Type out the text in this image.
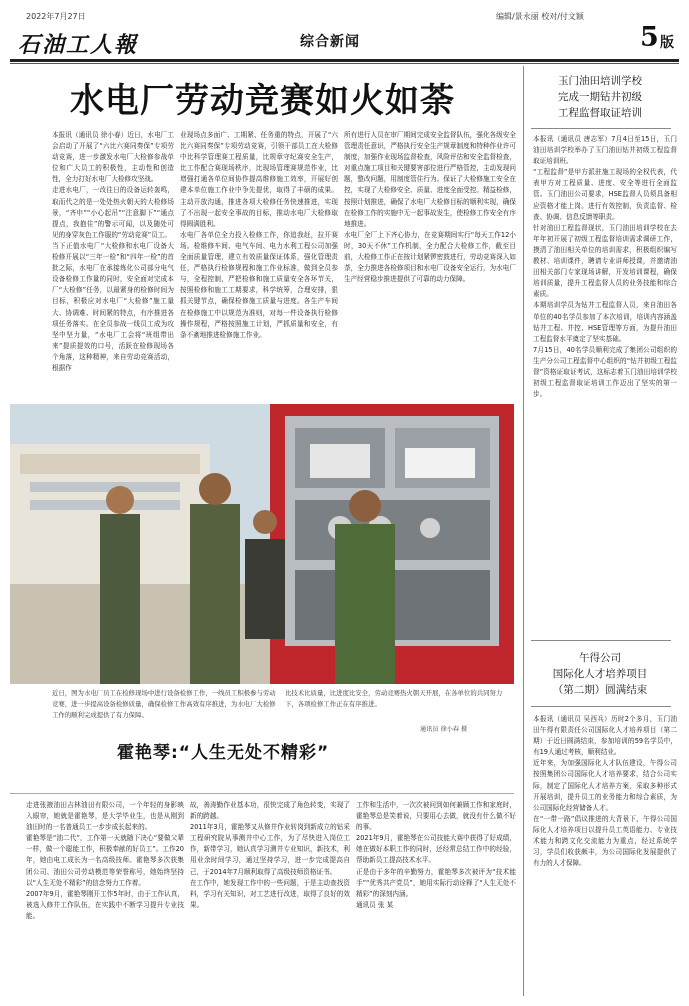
2022年7月27日	编辑/景永丽 校对/付文颖
石油工人報	综合新闻	5 版
水电厂劳动竞赛如火如荼
本报讯（通讯员 徐小春）近日，水电厂工会启动了开展了“六比六赛同奏保”专项劳动竞赛，进一步激发水电厂大检修参战单位和广大员工的积极性，主动性和创造性，全力打好水电厂大检修攻坚战。
走进水电厂，一改往日的设备运转轰鸣，取而代之的是一处处热火朝天的大检修场景，“齐申”“小心起吊”“注意脚下”“通点提点，我抱住”的警示可闻，以及随处可见的身穿灰色工作服的“劳动竞赛”员工。
当下正值水电厂“大检修和水电厂设备大检修开展以“三年一检”和“四年一检”的首批之际，水电厂在承接炼化公司部分电气设备检修工作量的同时，安全面对完成本厂“大检修”任务，以最紧身的检修时间为目标，积极应对水电厂“大检修”施工量大、协调难、时间紧的特点，有序推进各项任务落实。在全员参战一线员工成为攻坚中坚力量，“水电厂工会将“班组带出来”提质提效的口号，活跃在检修现场各个角落，这种精神，来自劳动竞赛活动，根据作
业现场点多面广、工期紧、任务重的特点，开展了“六比六赛同奏保”专项劳动竞赛，引领干部员工在大检修中比科学管理赛工程质量，比规章守纪赛安全生产，比工作配合赛现场秩序，比现场管理赛规范作业，比增强打通各单位间协作提高维修施工效率，开展好创建本单位施工作业中争先提优，取得了丰硕的成果。主动开放沟通，推进各项大检修任务快速推进，实现了不出现一起安全事故的目标，推动水电厂大检修取得圆满胜利。
水电厂各单位全力投入检修工作，你追我赶，拉开赛场。检维修车间、电气车间、电力水利工程公司加强全面质量管理，建立有效质量保证体系，强化管理责任，严格执行检修规程和施工作业标准，做到全员参与，全程控制，严把检修和施工质量安全各环节关，按照检修和施工工期要求，科学统筹，合理安排，狠抓关键节点，确保检修施工质量与进度。各生产车间在检修施工中以规范为准则，对每一件设备执行检修操作规程，严格按照施工计划，严抓质量和安全，有条不紊地推进检修施工作业。
所有进行人员在审厂期间完成安全监督队伍，强化各级安全管理责任意识，严格执行安全生产规章制度和特种作业许可制度，加强作业现场监督检查，风险评估和安全监督检查，对重点施工项目和关键要害部位进行严格管控，主动发现问题，整改问题，用制度管住行为。保证了大检修施工安全在控，实现了大检修安全、质量、进度全面受控。精益检修，按照计划推进，确保了水电厂大检修目标的顺利实现，确保在检修工作的实施中无一起事故发生，使检修工作安全有序地推进。
水电厂全厂上下齐心协力，在竞赛期间实行“每天工作12小时，30天不休”工作机制，全力配合大检修工作，截至目前，大检修工作正在按计划紧锣密鼓进行，劳动竞赛深入如荼，全力推进各检修项目和水电厂设备安全运行，为水电厂生产经营稳步推进提供了可靠的动力保障。
近日，图为水电厂员工在检修现场中进行设备检修工作，一线员工积极参与劳动竞赛，进一步提高设备检修质量，确保检修工作高效有序推进，为水电厂大检修工作的顺利完成提供了有力保障。
比技术比质量，比进度比安全，劳动竞赛热火朝天开展，在各单位的共同努力下，各项检修工作正在有序推进。
通讯员 徐小春 摄
霍艳琴:“人生无处不精彩”
走进张掖油田吉林油田有限公司，一个年轻的身影映入眼帘，她就是霍艳琴，是大学毕业生，也是从刚到油田时的一名普通员工一步步成长起来的。
霍艳琴是“油二代”，工作第一天就随下决心“要做父辈一样，做一个聪能工作，积极奉献的好员工”。工作20年，她由电工成长为一名高级技师。霍艳琴多次获集团公司、油田公司劳动模范等荣誉称号，她始终坚持以“人生无处不精彩”的信念努力工作着。
2007年9月，霍艳琴刚开工作5年时，由于工作认真，被选入修井工作队伍，在实践中不断学习提升专业技能。
故，善涛勤作业基本功，很快完成了角色转变，实现了新的跨越。
2011年3月，霍艳琴又从修井作业转岗到新成立的钻采工程研究院从事测井中心工作，为了尽快进入岗位工作，新带学习，她认真学习测井专业知识，新技术，利用业余时间学习，通过坚持学习，进一步完成提高自己，于2014年7月顺利取得了高级技师资格证书。
在工作中，她发现工作中的一些问题，于是主动查找资料，学习有关知识，对工艺进行改进，取得了良好的效果。
工作和生活中，一次次被问到如何兼顾工作和家庭时，霍艳琴总是笑着说，只要用心去做，就没有什么做不好的事。
2021年9月，霍艳琴在公司技能大赛中获得了好成绩，她在做好本职工作的同时，还经常总结工作中的经验，帮助新员工提高技术水平。
正是由于多年的辛勤努力，霍艳琴多次被评为“技术能手”“优秀共产党员”，她用实际行动诠释了“人生无处不精彩”的深刻内涵。
通讯员 张 某
玉门油田培训学校
完成一期钻井初级
工程监督取证培训
本报讯（通讯员 唐志军）7月4日至15日，玉门油田培训学校举办了玉门油田钻井初级工程监督取证培训班。
“工程监督”是甲方派驻施工现场的全权代表，代表甲方对工程质量、进度、安全等进行全面监管。玉门油田公司要求，HSE监督人员须具备相应资格才能上岗。进行有效控制，负责监督、检查、协调、信息反馈等职责。
针对油田工程监督现状，玉门油田培训学校在去年年初开展了初级工程监督培训需求调研工作，摸清了油田相关单位的培训需求，积极组织编写教材、培训课件，聘请专业讲师授课，并邀请油田相关部门专家现场讲解，开发培训课程，确保培训质量，提升工程监督人员的业务技能和综合素质。
本期培训学员为钻井工程监督人员，来自油田各单位的40名学员参加了本次培训，培训内容涵盖钻井工程、井控、HSE管理等方面，为提升油田工程监督水平奠定了坚实基础。
7月15日，40名学员顺利完成了集团公司组织的生产分公司工程监督中心组织的“钻井初级工程监督”资格证取证考试，这标志着玉门油田培训学校初级工程监督取证培训工作迈出了坚实的第一步。
午得公司
国际化人才培养项目
（第二期）圆满结束
本报讯（通讯员 吴西兵）历时2个多月，玉门油田午得有限责任公司国际化人才培养项目（第二期）于近日圆满结束，参加培训的59名学员中，有19人通过考核，顺利结业。
近年来，为加强国际化人才队伍建设，午得公司按照集团公司国际化人才培养要求，结合公司实际，制定了国际化人才培养方案，采取多种形式开展培训，提升员工的业务能力和综合素质，为公司国际化经营储备人才。
在“一带一路”倡议推进的大背景下，午得公司国际化人才培养项目以提升员工英语能力、专业技术能力和跨文化交流能力为重点，经过系统学习，学员们收获颇丰，为公司国际化发展提供了有力的人才保障。
